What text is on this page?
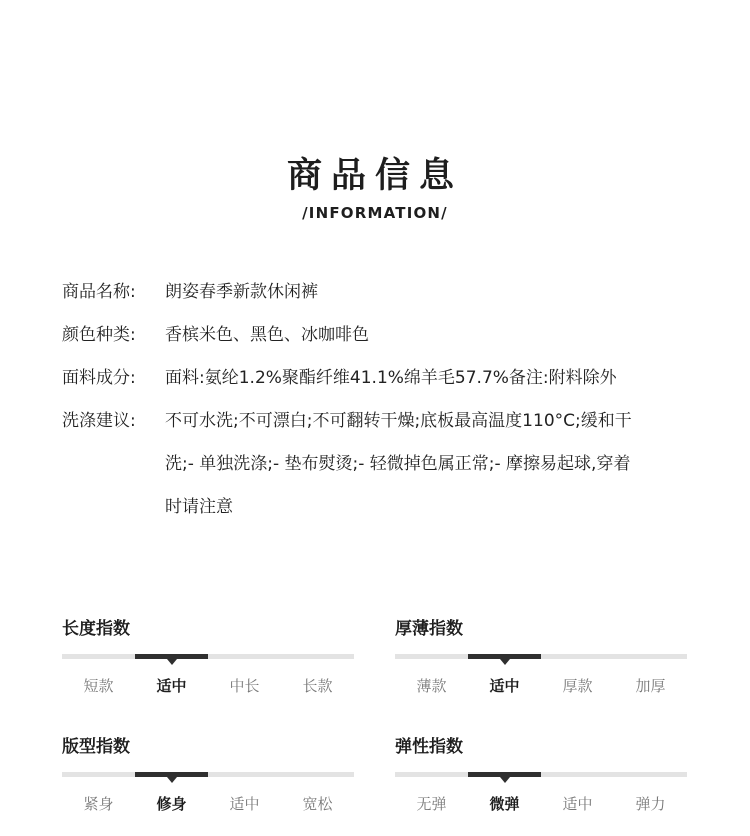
商品信息
/INFORMATION/
商品名称: 朗姿春季新款休闲裤
颜色种类: 香槟米色、黑色、冰咖啡色
面料成分: 面料:氨纶1.2%聚酯纤维41.1%绵羊毛57.7%备注:附料除外
洗涤建议: 不可水洗;不可漂白;不可翻转干燥;底板最高温度110°C;缓和干
洗;- 单独洗涤;- 垫布熨烫;- 轻微掉色属正常;- 摩擦易起球,穿着
时请注意
长度指数
短款	适中	中长	长款
厚薄指数
薄款	适中	厚款	加厚
版型指数
紧身	修身	适中	宽松
弹性指数
无弹	微弹	适中	弹力
